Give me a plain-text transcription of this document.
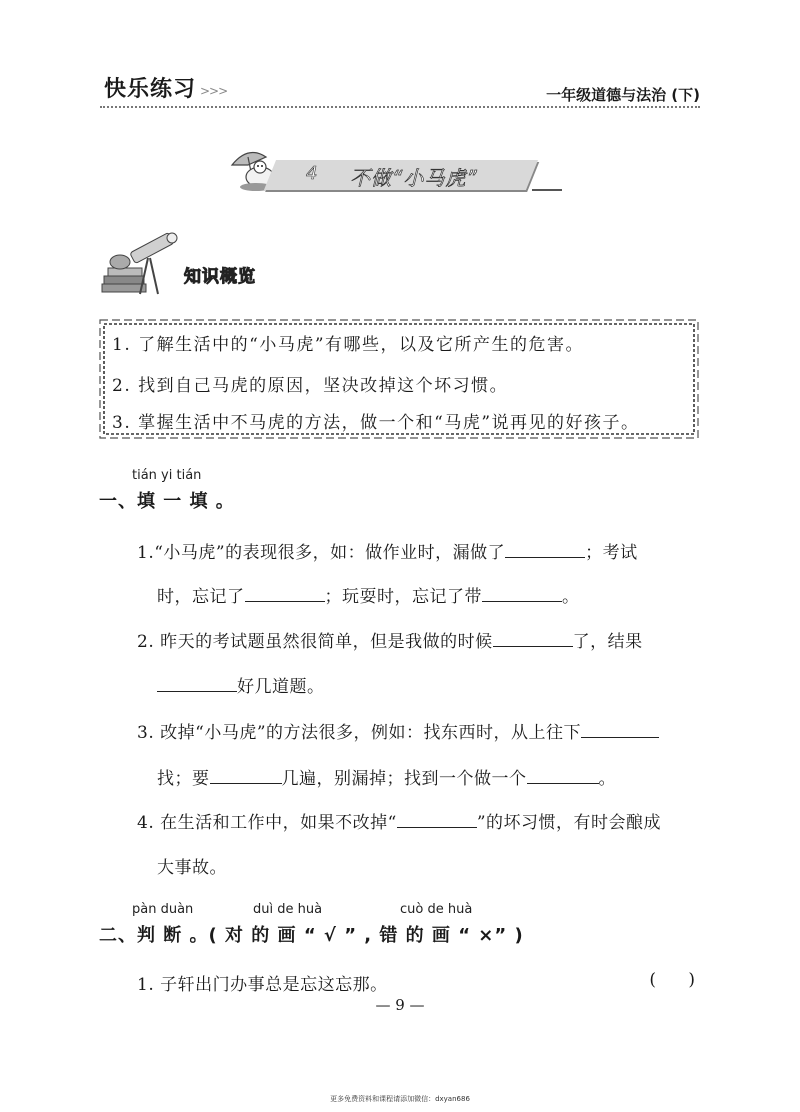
快乐练习 >>>	一年级道德与法治 (下)
4 不做“小马虎”
知识概览
1. 了解生活中的“小马虎”有哪些，以及它所产生的危害。
2. 找到自己马虎的原因，坚决改掉这个坏习惯。
3. 掌握生活中不马虎的方法，做一个和“马虎”说再见的好孩子。
tián yi tián
一、填 一 填 。
1.“小马虎”的表现很多，如：做作业时，漏做了	；考试
时，忘记了	；玩耍时，忘记了带	。
2. 昨天的考试题虽然很简单，但是我做的时候	了，结果
好几道题。
3. 改掉“小马虎”的方法很多，例如：找东西时，从上往下
找；要	几遍，别漏掉；找到一个做一个	。
4. 在生活和工作中，如果不改掉“	”的坏习惯，有时会酿成
大事故。
pàn duàn	duì de huà	cuò de huà
二、判 断 。( 对 的 画 “ √ ” , 错 的 画 “ ×” )
1. 子轩出门办事总是忘这忘那。	(      )
— 9 —
更多免费资料和课程请添加微信：dxyan686
